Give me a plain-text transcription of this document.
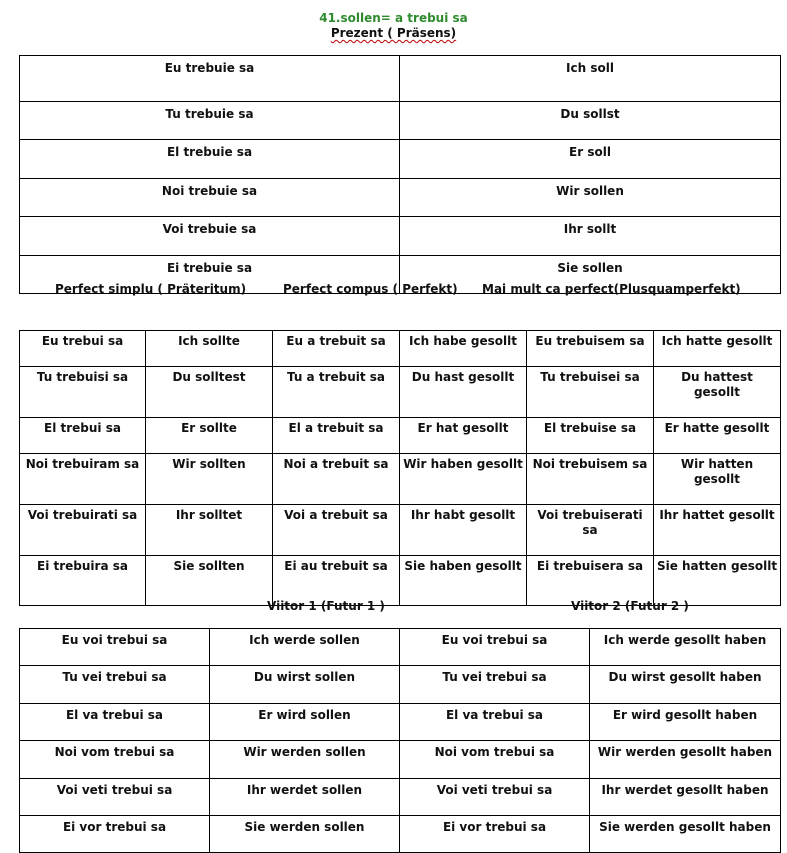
41.sollen= a trebui sa
Prezent ( Präsens)
Eu trebuie sa	Ich soll
Tu trebuie sa	Du sollst
El trebuie sa	Er soll
Noi trebuie sa	Wir sollen
Voi trebuie sa	Ihr sollt
Ei trebuie sa	Sie sollen
Perfect simplu ( Präteritum)	Perfect compus ( Perfekt) Mai mult ca perfect(Plusquamperfekt)
Eu trebui sa	Ich sollte	Eu a trebuit sa	Ich habe gesollt	Eu trebuisem sa	Ich hatte gesollt
Tu trebuisi sa	Du solltest	Tu a trebuit sa	Du hast gesollt	Tu trebuisei sa	Du hattest gesollt
El trebui sa	Er sollte	El a trebuit sa	Er hat gesollt	El trebuise sa	Er hatte gesollt
Noi trebuiram sa	Wir sollten	Noi a trebuit sa	Wir haben gesollt	Noi trebuisem sa	Wir hatten gesollt
Voi trebuirati sa	Ihr solltet	Voi a trebuit sa	Ihr habt gesollt	Voi trebuiserati sa	Ihr hattet gesollt
Ei trebuira sa	Sie sollten	Ei au trebuit sa	Sie haben gesollt	Ei trebuisera sa	Sie hatten gesollt
Viitor 1 (Futur 1 )	Viitor 2 (Futur 2 )
Eu voi trebui sa	Ich werde sollen	Eu voi trebui sa	Ich werde gesollt haben
Tu vei trebui sa	Du wirst sollen	Tu vei trebui sa	Du wirst gesollt haben
El va trebui sa	Er wird sollen	El va trebui sa	Er wird gesollt haben
Noi vom trebui sa	Wir werden sollen	Noi vom trebui sa	Wir werden gesollt haben
Voi veti trebui sa	Ihr werdet sollen	Voi veti trebui sa	Ihr werdet gesollt haben
Ei vor trebui sa	Sie werden sollen	Ei vor trebui sa	Sie werden gesollt haben
